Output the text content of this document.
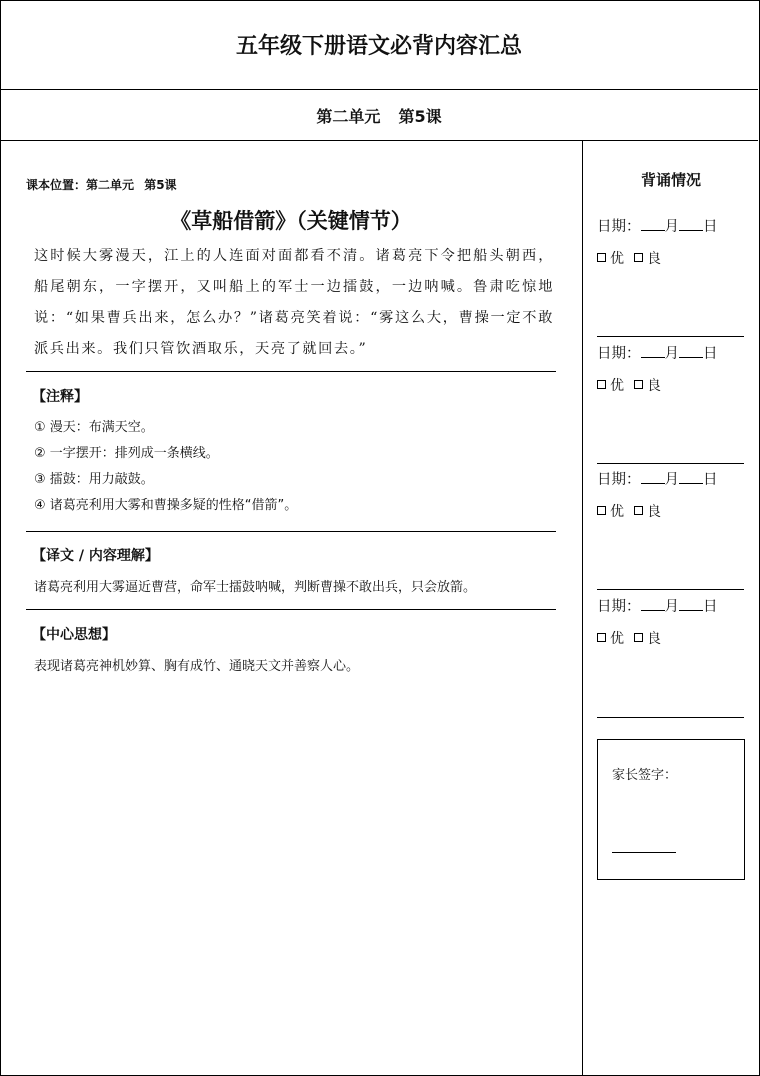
五年级下册语文必背内容汇总
第二单元 第5课
课本位置：第二单元 第5课
《草船借箭》（关键情节）
这时候大雾漫天，江上的人连面对面都看不清。诸葛亮下令把船头朝西，船尾朝东，一字摆开，又叫船上的军士一边擂鼓，一边呐喊。鲁肃吃惊地说：“如果曹兵出来，怎么办？”诸葛亮笑着说：“雾这么大，曹操一定不敢派兵出来。我们只管饮酒取乐，天亮了就回去。”
【注释】
① 漫天：布满天空。
② 一字摆开：排列成一条横线。
③ 擂鼓：用力敲鼓。
④ 诸葛亮利用大雾和曹操多疑的性格“借箭”。
【译文 / 内容理解】
诸葛亮利用大雾逼近曹营，命军士擂鼓呐喊，判断曹操不敢出兵，只会放箭。
【中心思想】
表现诸葛亮神机妙算、胸有成竹、通晓天文并善察人心。
背诵情况
日期： 月 日
优 良
日期： 月 日
优 良
日期： 月 日
优 良
日期： 月 日
优 良
家长签字：
